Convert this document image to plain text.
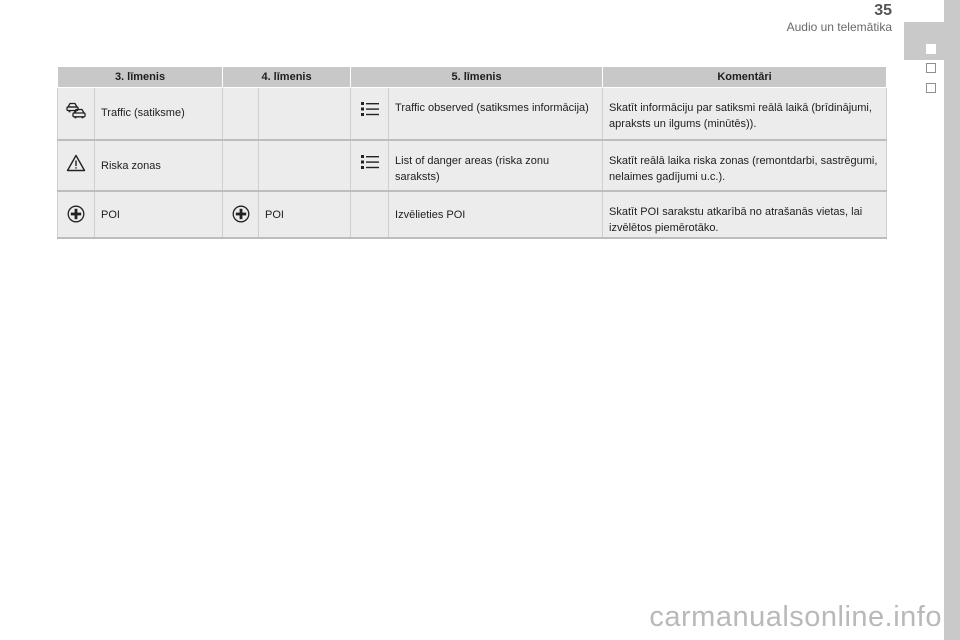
35
Audio un telemātika
3. līmenis		4. līmenis		5. līmenis		Komentāri

Traffic (satiksme)				Traffic observed (satiksmes informācija)	Skatīt informāciju par satiksmi reālā laikā (brīdinājumi, apraksts un ilgums (minūtēs)).

Riska zonas				List of danger areas (riska zonu saraksts)	Skatīt reālā laika riska zonas (remontdarbi, sastrēgumi, nelaimes gadījumi u.c.).

POI		POI		Izvēlieties POI	Skatīt POI sarakstu atkarībā no atrašanās vietas, lai izvēlētos piemērotāko.
carmanualsonline.info
